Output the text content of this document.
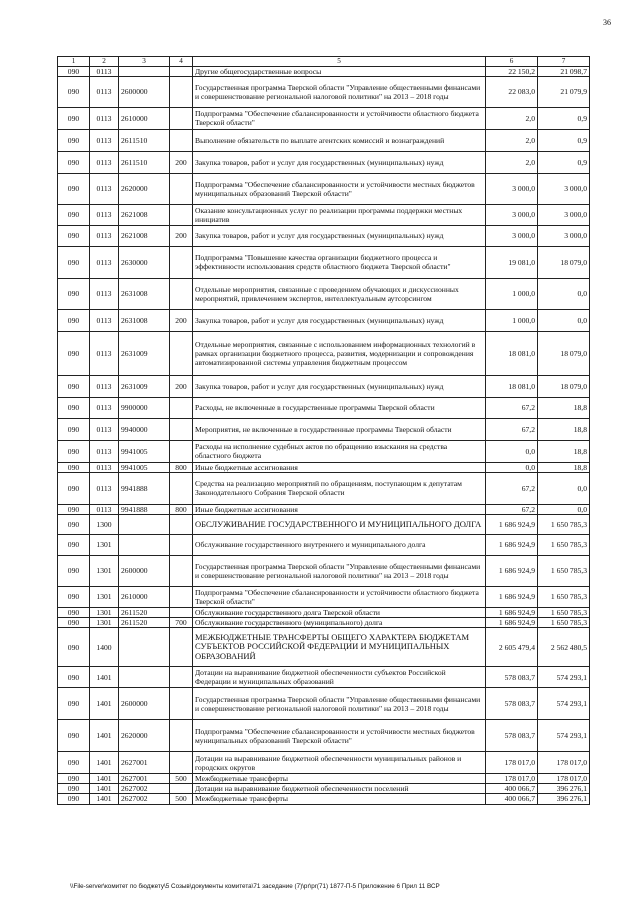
36
1	2	3	4	5	6	7
090	0113			Другие общегосударственные вопросы	22 150,2	21 098,7
090	0113	2600000		Государственная программа Тверской области "Управление общественными финансами и совершенствование региональной налоговой политики" на 2013 – 2018 годы	22 083,0	21 079,9
090	0113	2610000		Подпрограмма "Обеспечение сбалансированности и устойчивости областного бюджета Тверской области"	2,0	0,9
090	0113	2611510		Выполнение обязательств по выплате агентских комиссий и вознаграждений	2,0	0,9
090	0113	2611510	200	Закупка товаров, работ и услуг для государственных (муниципальных) нужд	2,0	0,9
090	0113	2620000		Подпрограмма "Обеспечение сбалансированности и устойчивости местных бюджетов муниципальных образований Тверской области"	3 000,0	3 000,0
090	0113	2621008		Оказание консультационных услуг по реализации программы поддержки местных инициатив	3 000,0	3 000,0
090	0113	2621008	200	Закупка товаров, работ и услуг для государственных (муниципальных) нужд	3 000,0	3 000,0
090	0113	2630000		Подпрограмма "Повышение качества организации бюджетного процесса и эффективности использования средств областного бюджета Тверской области"	19 081,0	18 079,0
090	0113	2631008		Отдельные мероприятия, связанные с проведением обучающих и дискуссионных мероприятий, привлечением экспертов, интеллектуальным аутсорсингом	1 000,0	0,0
090	0113	2631008	200	Закупка товаров, работ и услуг для государственных (муниципальных) нужд	1 000,0	0,0
090	0113	2631009		Отдельные мероприятия, связанные с использованием информационных технологий в рамках организации бюджетного процесса, развития, модернизации и сопровождения автоматизированной системы управления бюджетным процессом	18 081,0	18 079,0
090	0113	2631009	200	Закупка товаров, работ и услуг для государственных (муниципальных) нужд	18 081,0	18 079,0
090	0113	9900000		Расходы, не включенные в государственные программы Тверской области	67,2	18,8
090	0113	9940000		Мероприятия, не включенные в государственные программы Тверской области	67,2	18,8
090	0113	9941005		Расходы на исполнение судебных актов по обращению взыскания на средства областного бюджета	0,0	18,8
090	0113	9941005	800	Иные бюджетные ассигнования	0,0	18,8
090	0113	9941888		Средства на реализацию мероприятий по обращениям, поступающим к депутатам Законодательного Собрания Тверской области	67,2	0,0
090	0113	9941888	800	Иные бюджетные ассигнования	67,2	0,0
090	1300			ОБСЛУЖИВАНИЕ ГОСУДАРСТВЕННОГО И МУНИЦИПАЛЬНОГО ДОЛГА	1 686 924,9	1 650 785,3
090	1301			Обслуживание государственного внутреннего и муниципального долга	1 686 924,9	1 650 785,3
090	1301	2600000		Государственная программа Тверской области "Управление общественными финансами и совершенствование региональной налоговой политики" на 2013 – 2018 годы	1 686 924,9	1 650 785,3
090	1301	2610000		Подпрограмма "Обеспечение сбалансированности и устойчивости областного бюджета Тверской области"	1 686 924,9	1 650 785,3
090	1301	2611520		Обслуживание государственного долга Тверской области	1 686 924,9	1 650 785,3
090	1301	2611520	700	Обслуживание государственного (муниципального) долга	1 686 924,9	1 650 785,3
090	1400			МЕЖБЮДЖЕТНЫЕ ТРАНСФЕРТЫ ОБЩЕГО ХАРАКТЕРА БЮДЖЕТАМ СУБЪЕКТОВ РОССИЙСКОЙ ФЕДЕРАЦИИ И МУНИЦИПАЛЬНЫХ ОБРАЗОВАНИЙ	2 605 479,4	2 562 480,5
090	1401			Дотации на выравнивание бюджетной обеспеченности субъектов Российской Федерации и муниципальных образований	578 083,7	574 293,1
090	1401	2600000		Государственная программа Тверской области "Управление общественными финансами и совершенствование региональной налоговой политики" на 2013 – 2018 годы	578 083,7	574 293,1
090	1401	2620000		Подпрограмма "Обеспечение сбалансированности и устойчивости местных бюджетов муниципальных образований Тверской области"	578 083,7	574 293,1
090	1401	2627001		Дотации на выравнивание бюджетной обеспеченности муниципальных районов и городских округов	178 017,0	178 017,0
090	1401	2627001	500	Межбюджетные трансферты	178 017,0	178 017,0
090	1401	2627002		Дотации на выравнивание бюджетной обеспеченности поселений	400 066,7	396 276,1
090	1401	2627002	500	Межбюджетные трансферты	400 066,7	396 276,1
\\File-server\комитет по бюджету\5 Созыв\документы комитета\71 заседание (7)\pr\pr(71) 1877-П-5 Приложение 6 Прил 11 ВСР
